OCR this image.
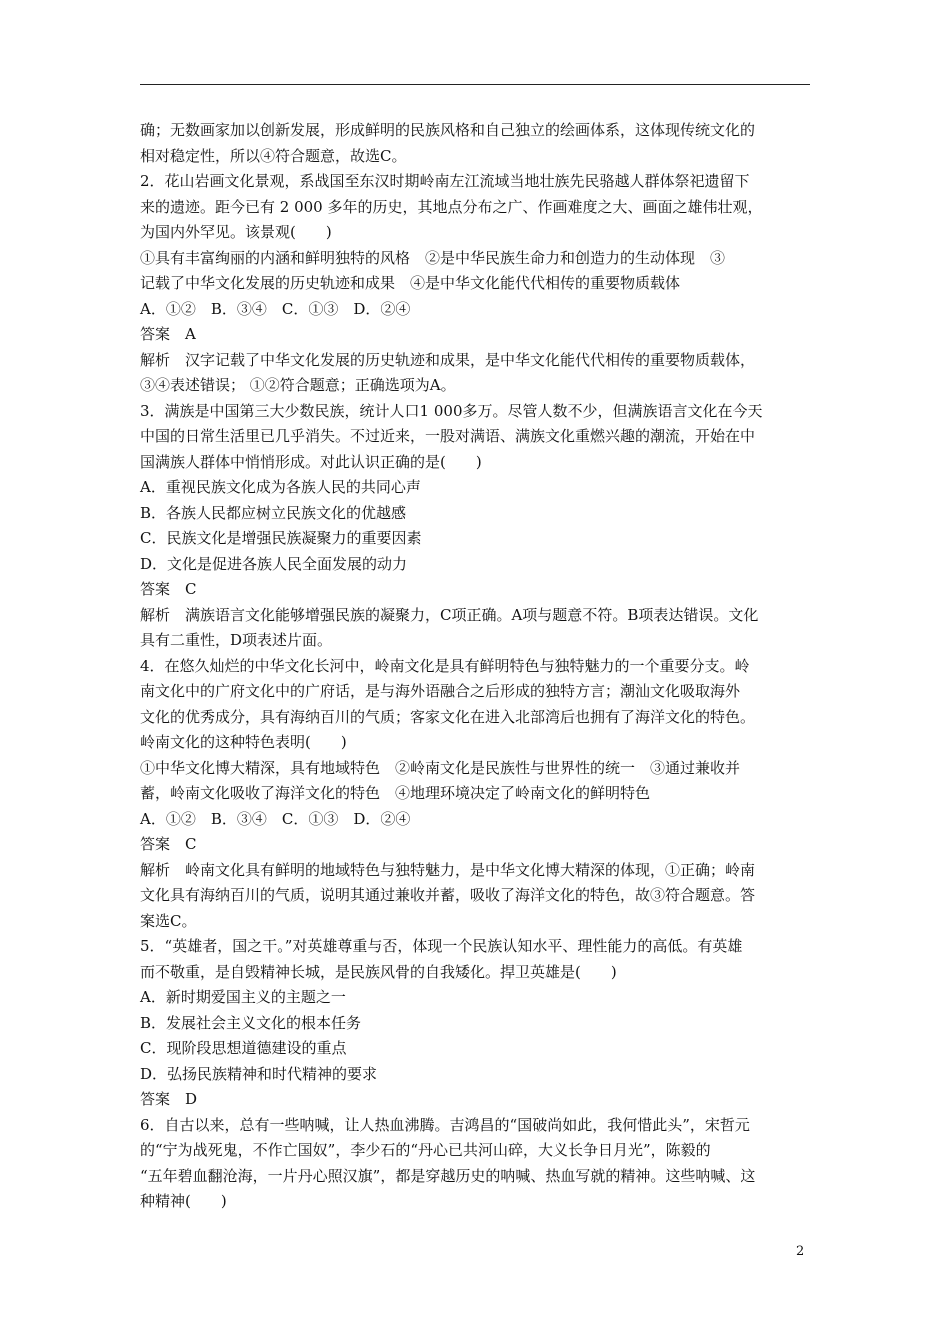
确；无数画家加以创新发展，形成鲜明的民族风格和自己独立的绘画体系，这体现传统文化的
相对稳定性，所以④符合题意，故选C。
2．花山岩画文化景观，系战国至东汉时期岭南左江流域当地壮族先民骆越人群体祭祀遗留下
来的遗迹。距今已有 2 000 多年的历史，其地点分布之广、作画难度之大、画面之雄伟壮观，
为国内外罕见。该景观(　　)
①具有丰富绚丽的内涵和鲜明独特的风格　②是中华民族生命力和创造力的生动体现　③
记载了中华文化发展的历史轨迹和成果　④是中华文化能代代相传的重要物质载体
A．①②　B．③④　C．①③　D．②④
答案　A
解析　汉字记载了中华文化发展的历史轨迹和成果，是中华文化能代代相传的重要物质载体，
③④表述错误； ①②符合题意；正确选项为A。
3．满族是中国第三大少数民族，统计人口1 000多万。尽管人数不少，但满族语言文化在今天
中国的日常生活里已几乎消失。不过近来，一股对满语、满族文化重燃兴趣的潮流，开始在中
国满族人群体中悄悄形成。对此认识正确的是(　　)
A．重视民族文化成为各族人民的共同心声
B．各族人民都应树立民族文化的优越感
C．民族文化是增强民族凝聚力的重要因素
D．文化是促进各族人民全面发展的动力
答案　C
解析　满族语言文化能够增强民族的凝聚力，C项正确。A项与题意不符。B项表达错误。文化
具有二重性，D项表述片面。
4．在悠久灿烂的中华文化长河中，岭南文化是具有鲜明特色与独特魅力的一个重要分支。岭
南文化中的广府文化中的广府话，是与海外语融合之后形成的独特方言；潮汕文化吸取海外
文化的优秀成分，具有海纳百川的气质；客家文化在进入北部湾后也拥有了海洋文化的特色。
岭南文化的这种特色表明(　　)
①中华文化博大精深，具有地域特色　②岭南文化是民族性与世界性的统一　③通过兼收并
蓄，岭南文化吸收了海洋文化的特色　④地理环境决定了岭南文化的鲜明特色
A．①②　B．③④　C．①③　D．②④
答案　C
解析　岭南文化具有鲜明的地域特色与独特魅力，是中华文化博大精深的体现，①正确；岭南
文化具有海纳百川的气质，说明其通过兼收并蓄，吸收了海洋文化的特色，故③符合题意。答
案选C。
5．“英雄者，国之干。”对英雄尊重与否，体现一个民族认知水平、理性能力的高低。有英雄
而不敬重，是自毁精神长城，是民族风骨的自我矮化。捍卫英雄是(　　)
A．新时期爱国主义的主题之一
B．发展社会主义文化的根本任务
C．现阶段思想道德建设的重点
D．弘扬民族精神和时代精神的要求
答案　D
6．自古以来，总有一些呐喊，让人热血沸腾。吉鸿昌的“国破尚如此，我何惜此头”，宋哲元
的“宁为战死鬼，不作亡国奴”，李少石的“丹心已共河山碎，大义长争日月光”，陈毅的
“五年碧血翻沧海，一片丹心照汉旗”，都是穿越历史的呐喊、热血写就的精神。这些呐喊、这
种精神(　　)
2
